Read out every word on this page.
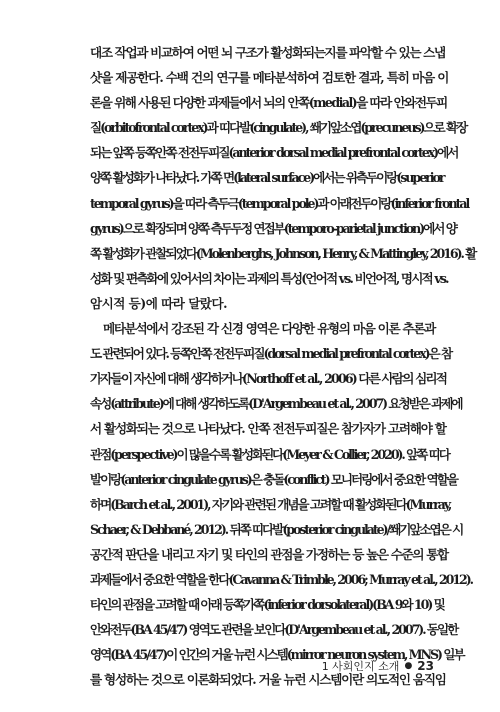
대조 작업과 비교하여 어떤 뇌 구조가 활성화되는지를 파악할 수 있는 스냅
샷을 제공한다. 수백 건의 연구를 메타분석하여 검토한 결과, 특히 마음 이
론을 위해 사용된 다양한 과제들에서 뇌의 안쪽(medial)을 따라 안와전두피
질(orbitofrontal cortex)과 띠다발(cingulate), 쐐기앞소엽(precuneus)으로 확장
되는 앞쪽 등쪽안쪽 전전두피질(anterior dorsal medial prefrontal cortex)에서
양쪽 활성화가 나타났다. 가쪽 면(lateral surface)에서는 위측두이랑(superior
temporal gyrus)을 따라 측두극(temporal pole)과 아래전두이랑(inferior frontal
gyrus)으로 확장되며 양쪽 측두두정 연접부(temporo-parietal junction)에서 양
쪽 활성화가 관찰되었다(Molenberghs, Johnson, Henry, & Mattingley, 2016). 활
성화 및 편측화에 있어서의 차이는 과제의 특성(언어적 vs. 비언어적, 명시적 vs.
암시적 등)에 따라 달랐다.
메타분석에서 강조된 각 신경 영역은 다양한 유형의 마음 이론 추론과
도 관련되어 있다. 등쪽안쪽 전전두피질(dorsal medial prefrontal cortex)은 참
가자들이 자신에 대해 생각하거나(Northoff et al., 2006) 다른 사람의 심리적
속성(attribute)에 대해 생각하도록(D'Argembeau et al., 2007) 요청받은 과제에
서 활성화되는 것으로 나타났다. 안쪽 전전두피질은 참가자가 고려해야 할
관점(perspective)이 많을수록 활성화된다(Meyer & Collier, 2020). 앞쪽 띠다
발이랑(anterior cingulate gyrus)은 충돌(conflict) 모니터링에서 중요한 역할을
하며(Barch et al., 2001), 자기와 관련된 개념을 고려할 때 활성화된다(Murray,
Schaer, & Debbané, 2012). 뒤쪽 띠다발(posterior cingulate)/쐐기앞소엽은 시
공간적 판단을 내리고 자기 및 타인의 관점을 가정하는 등 높은 수준의 통합
과제들에서 중요한 역할을 한다(Cavanna & Trimble, 2006; Murray et al., 2012).
타인의 관점을 고려할 때 아래 등쪽가쪽(inferior dorsolateral)(BA 9와 10) 및
안와전두(BA 45/47) 영역도 관련을 보인다(D'Argembeau et al., 2007). 동일한
영역(BA 45/47)이 인간의 거울 뉴런 시스템(mirror neuron system, MNS) 일부
를 형성하는 것으로 이론화되었다. 거울 뉴런 시스템이란 의도적인 움직임
1 사회인지 소개 ● 23
